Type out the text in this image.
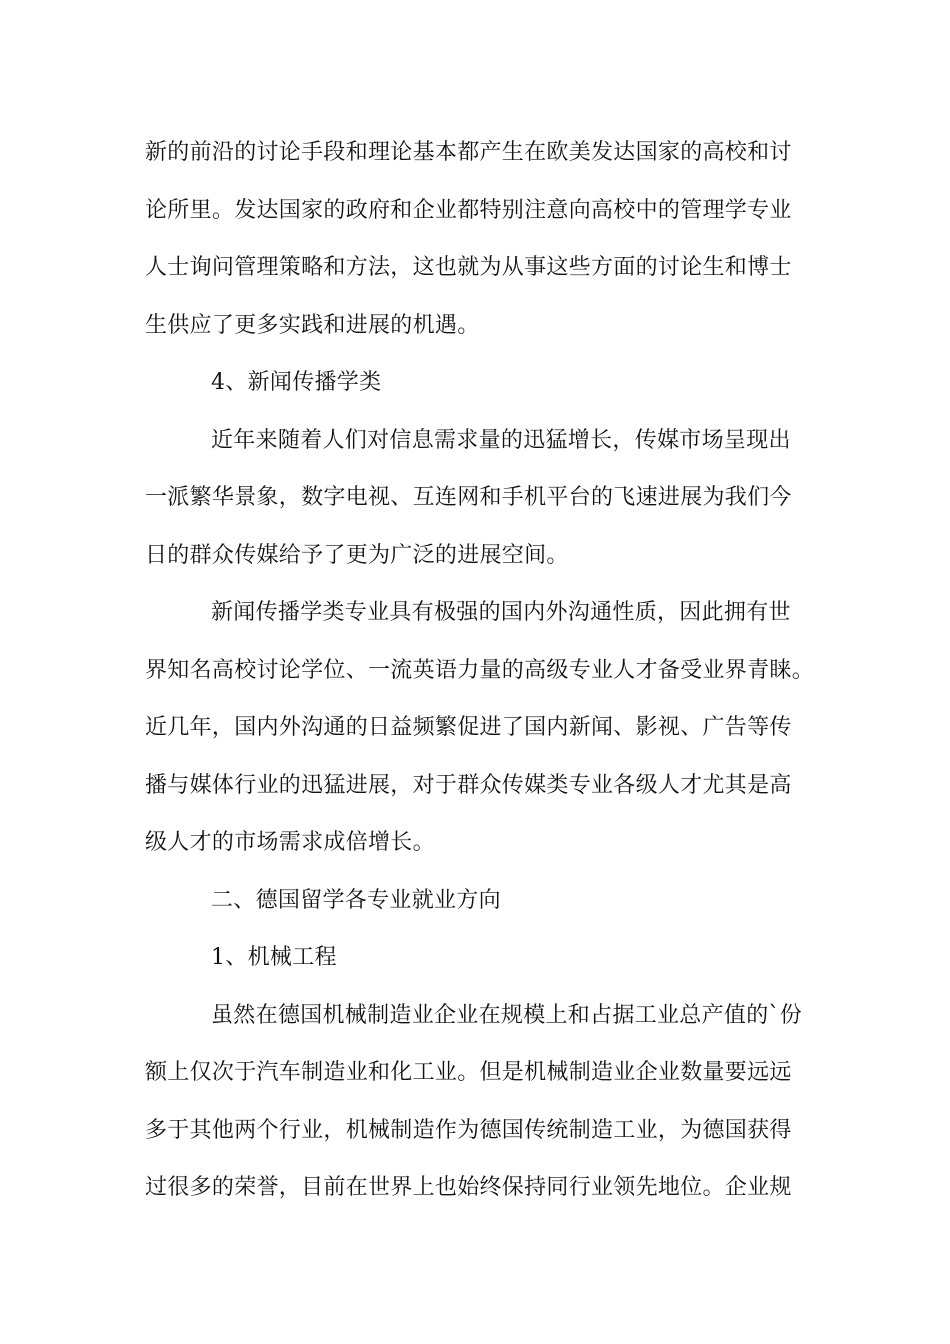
新的前沿的讨论手段和理论基本都产生在欧美发达国家的高校和讨
论所里。发达国家的政府和企业都特别注意向高校中的管理学专业
人士询问管理策略和方法，这也就为从事这些方面的讨论生和博士
生供应了更多实践和进展的机遇。
4、新闻传播学类
近年来随着人们对信息需求量的迅猛增长，传媒市场呈现出
一派繁华景象，数字电视、互连网和手机平台的飞速进展为我们今
日的群众传媒给予了更为广泛的进展空间。
新闻传播学类专业具有极强的国内外沟通性质，因此拥有世
界知名高校讨论学位、一流英语力量的高级专业人才备受业界青睐。
近几年，国内外沟通的日益频繁促进了国内新闻、影视、广告等传
播与媒体行业的迅猛进展，对于群众传媒类专业各级人才尤其是高
级人才的市场需求成倍增长。
二、德国留学各专业就业方向
1、机械工程
虽然在德国机械制造业企业在规模上和占据工业总产值的`份
额上仅次于汽车制造业和化工业。但是机械制造业企业数量要远远
多于其他两个行业，机械制造作为德国传统制造工业，为德国获得
过很多的荣誉，目前在世界上也始终保持同行业领先地位。企业规
